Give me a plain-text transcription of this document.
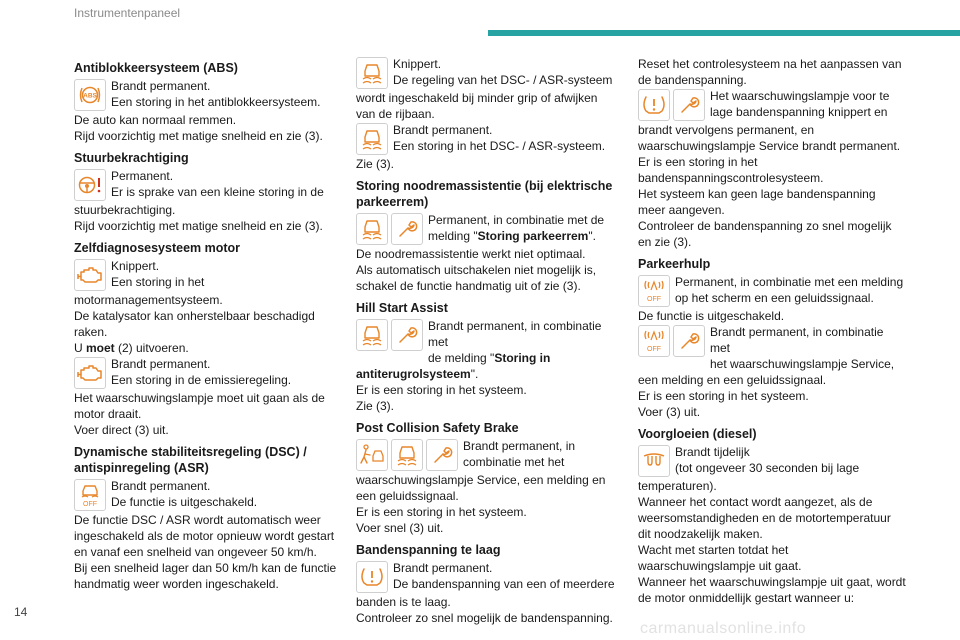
Instrumentenpaneel
Antiblokkeersysteem (ABS)
ABS

Brandt permanent.

Een storing in het antiblokkeersysteem.

De auto kan normaal remmen.

Rijd voorzichtig met matige snelheid en zie (3).

Stuurbekrachtiging

Permanent.

Er is sprake van een kleine storing in de

stuurbekrachtiging.

Rijd voorzichtig met matige snelheid en zie (3).

Zelfdiagnosesysteem motor

Knippert.

Een storing in het

motormanagementsysteem.

De katalysator kan onherstelbaar beschadigd raken.

U moet (2) uitvoeren.

Brandt permanent.

Een storing in de emissieregeling.

Het waarschuwingslampje moet uit gaan als de

motor draait.

Voer direct (3) uit.

Dynamische stabiliteitsregeling (DSC) / antispinregeling (ASR)
OFF

Brandt permanent.

De functie is uitgeschakeld.

De functie DSC / ASR wordt automatisch weer ingeschakeld als de motor opnieuw wordt gestart en vanaf een snelheid van ongeveer 50 km/h.

Bij een snelheid lager dan 50 km/h kan de functie handmatig weer worden ingeschakeld.

Knippert.

De regeling van het DSC- / ASR-systeem

wordt ingeschakeld bij minder grip of afwijken van de rijbaan.

Brandt permanent.

Een storing in het DSC- / ASR-systeem.

Zie (3).

Storing noodremassistentie (bij elektrische parkeerrem)

Permanent, in combinatie met de

melding "Storing parkeerrem".

De noodremassistentie werkt niet optimaal.

Als automatisch uitschakelen niet mogelijk is, schakel de functie handmatig uit of zie (3).

Hill Start Assist

Brandt permanent, in combinatie met

de melding "Storing in antiterugrolsysteem".

Er is een storing in het systeem.

Zie (3).

Post Collision Safety Brake

Brandt permanent, in

combinatie met het

waarschuwingslampje Service, een melding en een geluidssignaal.

Er is een storing in het systeem.

Voer snel (3) uit.

Bandenspanning te laag

Brandt permanent.

De bandenspanning van een of meerdere

banden is te laag.

Controleer zo snel mogelijk de bandenspanning.

Reset het controlesysteem na het aanpassen van de bandenspanning.

Het waarschuwingslampje voor te

lage bandenspanning knippert en

brandt vervolgens permanent, en waarschuwingslampje Service brandt permanent.

Er is een storing in het bandenspanningscontrolesysteem.

Het systeem kan geen lage bandenspanning meer aangeven.

Controleer de bandenspanning zo snel mogelijk en zie (3).

Parkeerhulp
OFF

Permanent, in combinatie met een melding

op het scherm en een geluidssignaal.

De functie is uitgeschakeld.

OFF

Brandt permanent, in combinatie met

het waarschuwingslampje Service,

een melding en een geluidssignaal.

Er is een storing in het systeem.

Voer (3) uit.

Voorgloeien (diesel)

Brandt tijdelijk

(tot ongeveer 30 seconden bij lage

temperaturen).

Wanneer het contact wordt aangezet, als de weersomstandigheden en de motortemperatuur dit noodzakelijk maken.

Wacht met starten totdat het waarschuwingslampje uit gaat.

Wanneer het waarschuwingslampje uit gaat, wordt de motor onmiddellijk gestart wanneer u:

14
carmanualsonline.info
